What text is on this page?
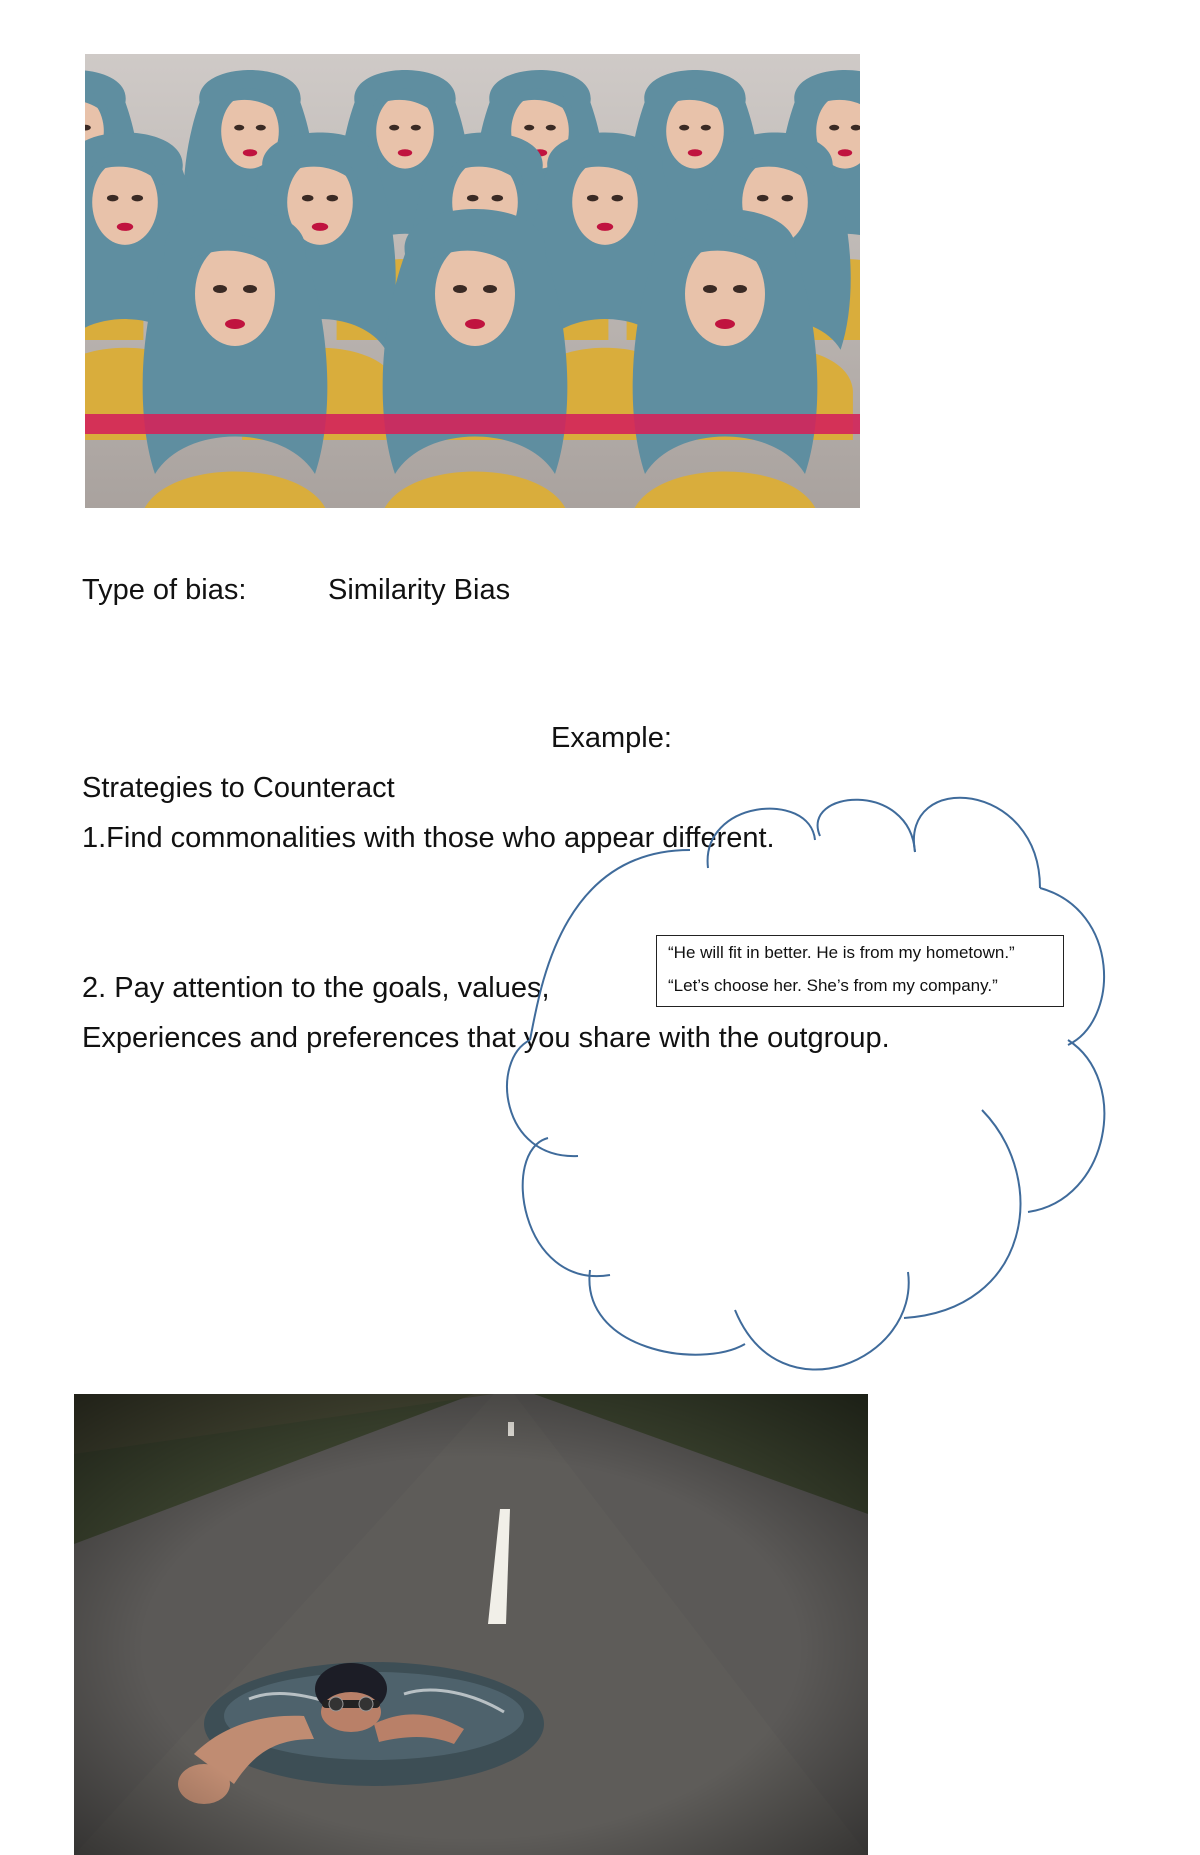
Type of bias:	Similarity Bias

Example:

Strategies to Counteract

1.Find commonalities with those who appear different.

2. Pay attention to the goals, values,

Experiences and preferences that you share with the outgroup.

“He will fit in better. He is from my hometown.”
“Let’s choose her. She’s from my company.”
